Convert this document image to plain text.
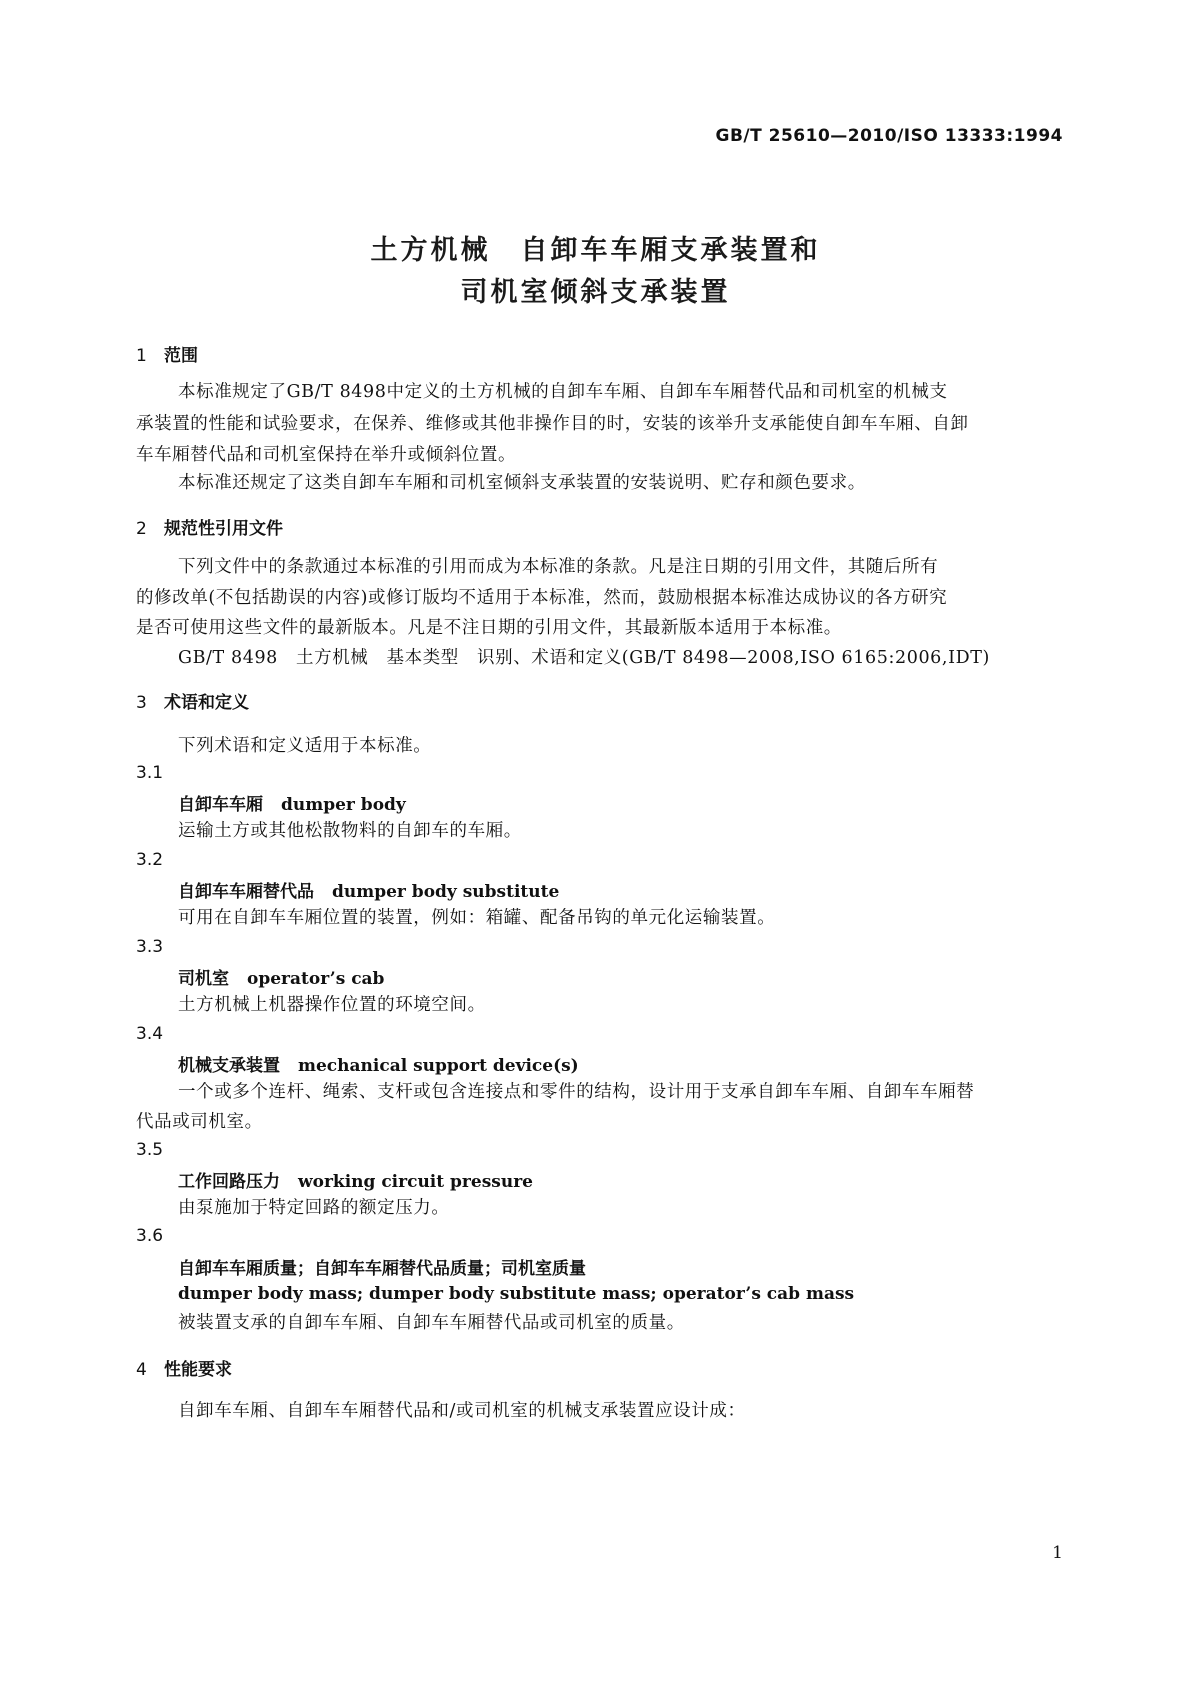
GB/T 25610—2010/ISO 13333:1994
土方机械　自卸车车厢支承装置和
司机室倾斜支承装置
1 范围
本标准规定了GB/T 8498中定义的土方机械的自卸车车厢、自卸车车厢替代品和司机室的机械支
承装置的性能和试验要求，在保养、维修或其他非操作目的时，安装的该举升支承能使自卸车车厢、自卸
车车厢替代品和司机室保持在举升或倾斜位置。
本标准还规定了这类自卸车车厢和司机室倾斜支承装置的安装说明、贮存和颜色要求。
2 规范性引用文件
下列文件中的条款通过本标准的引用而成为本标准的条款。凡是注日期的引用文件，其随后所有
的修改单(不包括勘误的内容)或修订版均不适用于本标准，然而，鼓励根据本标准达成协议的各方研究
是否可使用这些文件的最新版本。凡是不注日期的引用文件，其最新版本适用于本标准。
GB/T 8498　土方机械　基本类型　识别、术语和定义(GB/T 8498—2008,ISO 6165:2006,IDT)
3 术语和定义
下列术语和定义适用于本标准。
3.1
自卸车车厢 dumper body
运输土方或其他松散物料的自卸车的车厢。
3.2
自卸车车厢替代品 dumper body substitute
可用在自卸车车厢位置的装置，例如：箱罐、配备吊钩的单元化运输装置。
3.3
司机室 operator’s cab
土方机械上机器操作位置的环境空间。
3.4
机械支承装置 mechanical support device(s)
一个或多个连杆、绳索、支杆或包含连接点和零件的结构，设计用于支承自卸车车厢、自卸车车厢替
代品或司机室。
3.5
工作回路压力 working circuit pressure
由泵施加于特定回路的额定压力。
3.6
自卸车车厢质量；自卸车车厢替代品质量；司机室质量
dumper body mass; dumper body substitute mass; operator’s cab mass
被装置支承的自卸车车厢、自卸车车厢替代品或司机室的质量。
4 性能要求
自卸车车厢、自卸车车厢替代品和/或司机室的机械支承装置应设计成：
1
